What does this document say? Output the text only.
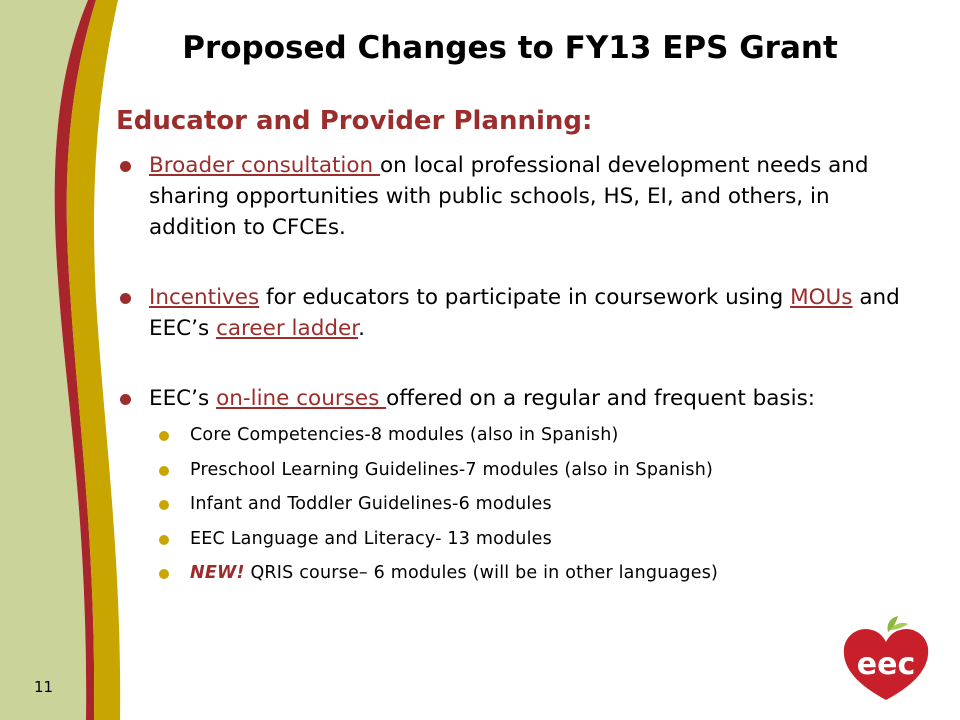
11
Proposed Changes to FY13 EPS Grant
Educator and Provider Planning:
Broader consultation on local professional development needs and sharing opportunities with public schools, HS, EI, and others, in addition to CFCEs.
Incentives for educators to participate in coursework using MOUs and EEC’s career ladder.
EEC’s on-line courses offered on a regular and frequent basis:
Core Competencies-8 modules (also in Spanish)
Preschool Learning Guidelines-7 modules (also in Spanish)
Infant and Toddler Guidelines-6 modules
EEC Language and Literacy- 13 modules
NEW! QRIS course– 6 modules (will be in other languages)
eec
